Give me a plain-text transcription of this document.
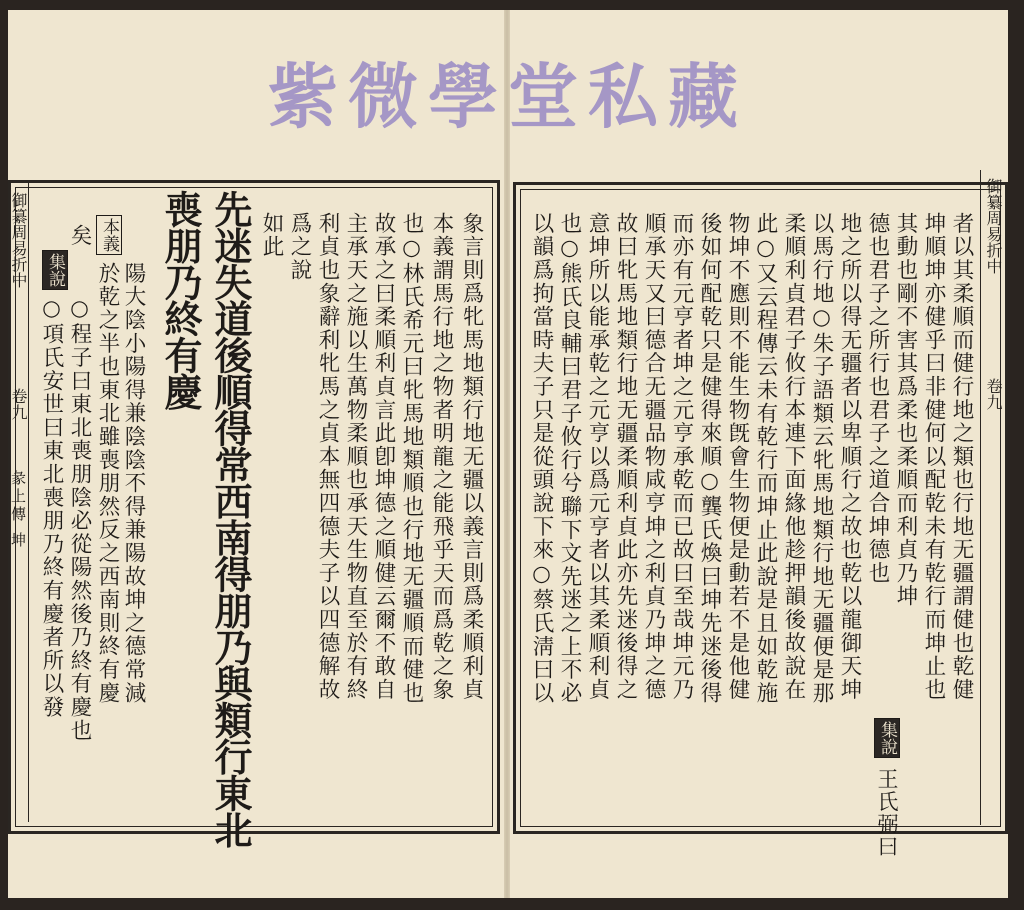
紫微學堂私藏
御纂周易折中
卷九
彖上傳 坤	象言則爲牝馬地類行地无疆以義言則爲柔順利貞
本義謂馬行地之物者明龍之能飛乎天而爲乾之象
也○林氏希元曰牝馬地類順也行地无疆順而健也
故承之曰柔順利貞言此卽坤德之順健云爾不敢自
主承天之施以生萬物柔順也承天生物直至於有終
利貞也象辭利牝馬之貞本無四德夫子以四德解故
爲之說
如此
先迷失道後順得常西南得朋乃與類行東北
喪朋乃終有慶
本義
陽大陰小陽得兼陰陰不得兼陽故坤之德常減
於乾之半也東北雖喪朋然反之西南則終有慶
矣
集說
○程子曰東北喪朋陰必從陽然後乃終有慶也
○項氏安世曰東北喪朋乃終有慶者所以發
御纂周易折中
卷九
者以其柔順而健行地之類也行地无疆謂健也乾健
坤順坤亦健乎曰非健何以配乾未有乾行而坤止也
其動也剛不害其爲柔也柔順而利貞乃坤
集說
王氏弼曰
德也君子之所行也君子之道合坤德也
地之所以得无疆者以卑順行之故也乾以龍御天坤
以馬行地○朱子語類云牝馬地類行地无疆便是那
柔順利貞君子攸行本連下面緣他趁押韻後故說在
此○又云程傳云未有乾行而坤止此說是且如乾施
物坤不應則不能生物旣會生物便是動若不是他健
後如何配乾只是健得來順○龔氏煥曰坤先迷後得
而亦有元亨者坤之元亨承乾而已故曰至哉坤元乃
順承天又曰德合无疆品物咸亨坤之利貞乃坤之德
故曰牝馬地類行地无疆柔順利貞此亦先迷後得之
意坤所以能承乾之元亨以爲元亨者以其柔順利貞
也○熊氏良輔曰君子攸行兮聯下文先迷之上不必
以韻爲拘當時夫子只是從頭說下來○蔡氏淸曰以
